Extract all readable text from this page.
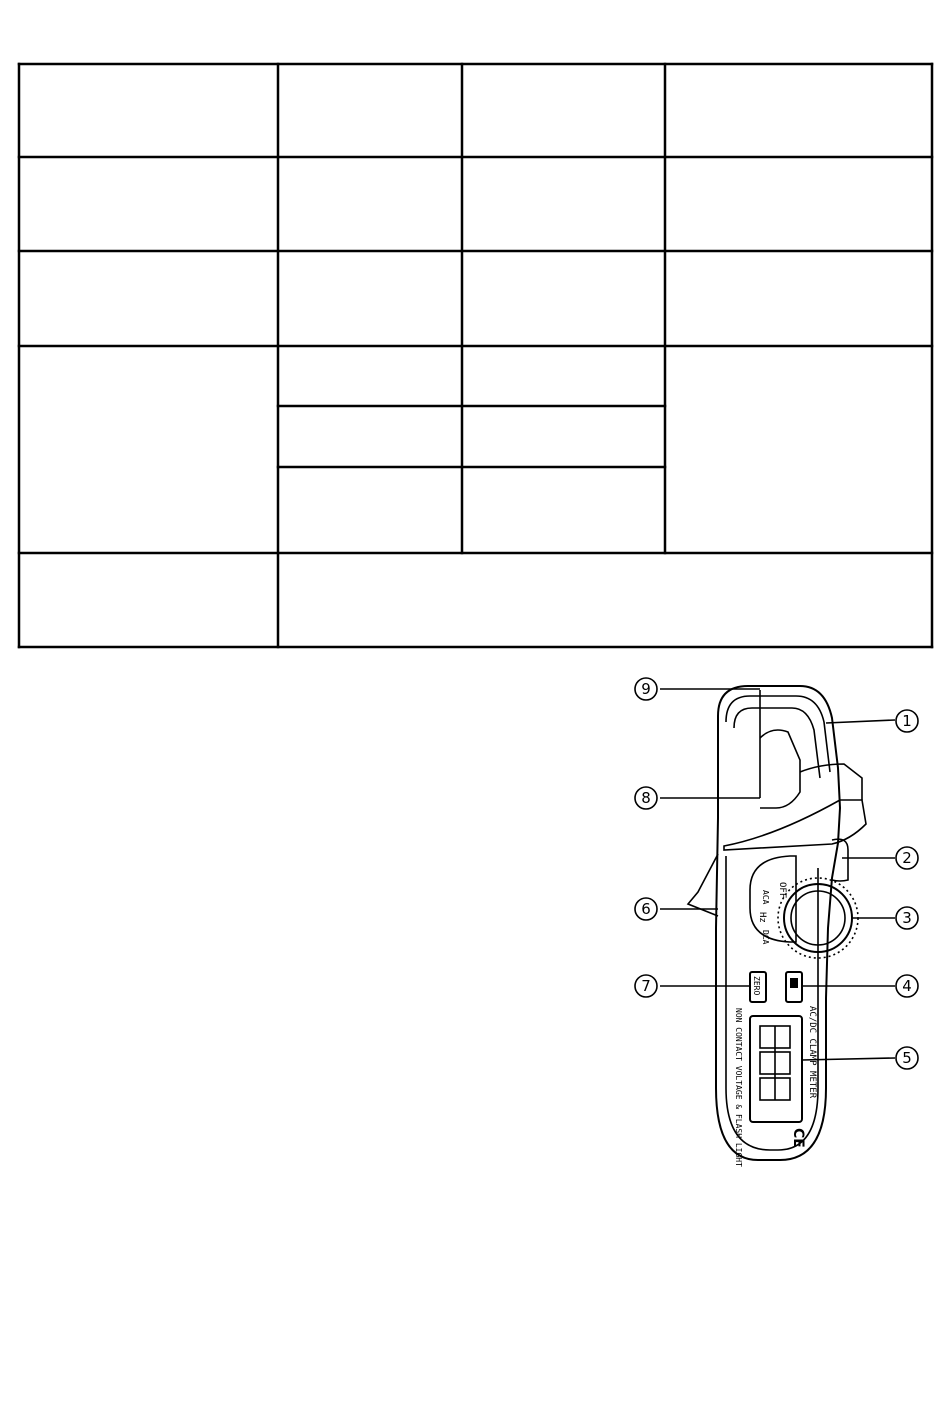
OFF
ACA
Hz
DCA
ZERO
NON CONTACT VOLTAGE & FLASH LIGHT	AC/DC CLAMP METER
CE
1
2
3
4
5
6
7
8
9
